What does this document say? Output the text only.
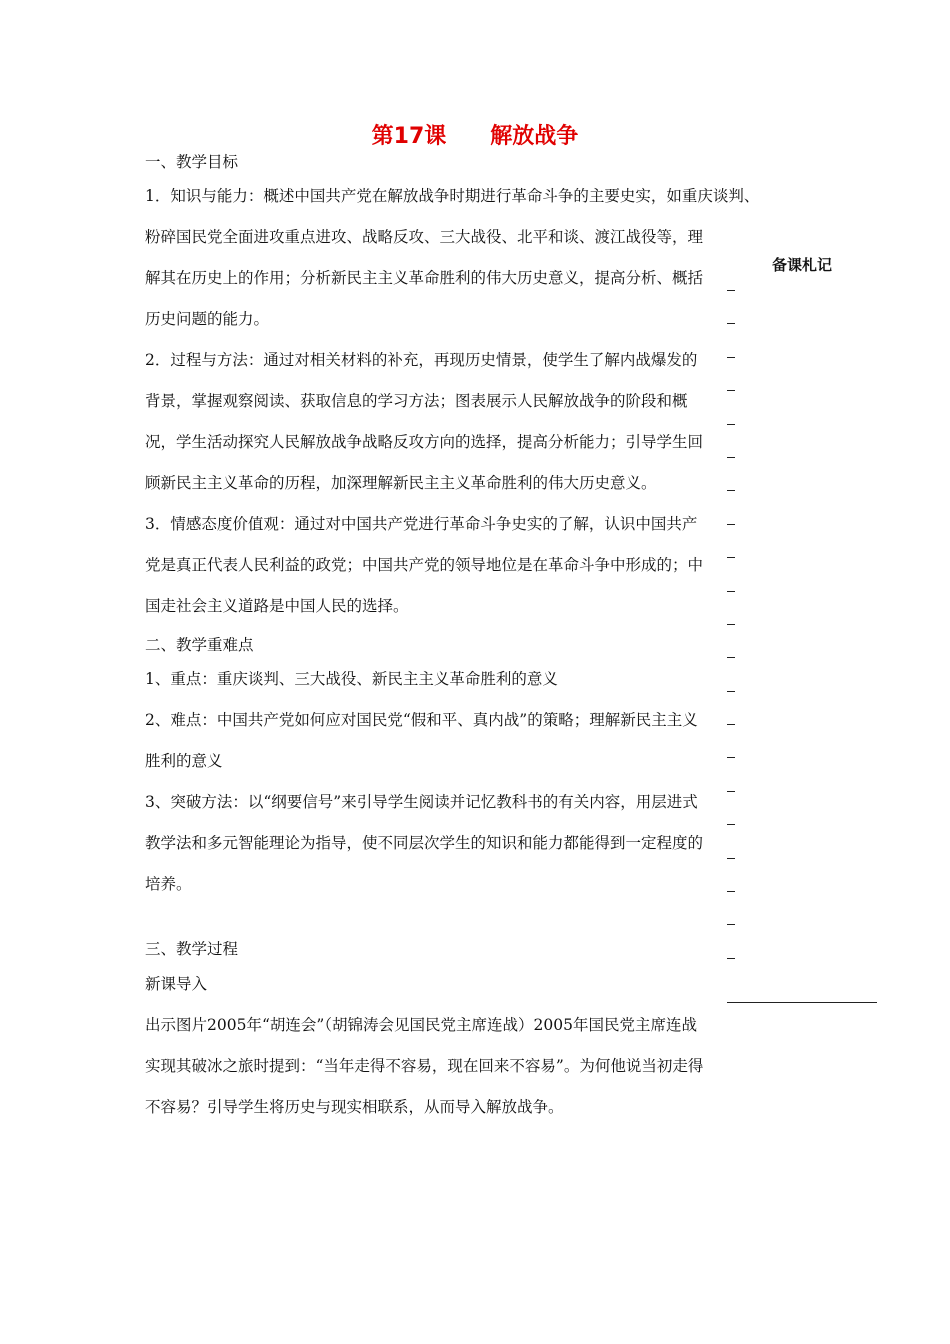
第17课 解放战争

一、教学目标

1．知识与能力：概述中国共产党在解放战争时期进行革命斗争的主要史实，如重庆谈判、

粉碎国民党全面进攻重点进攻、战略反攻、三大战役、北平和谈、渡江战役等，理解其在历史上的作用；分析新民主主义革命胜利的伟大历史意义，提高分析、概括历史问题的能力。

2．过程与方法：通过对相关材料的补充，再现历史情景，使学生了解内战爆发的背景，掌握观察阅读、获取信息的学习方法；图表展示人民解放战争的阶段和概况，学生活动探究人民解放战争战略反攻方向的选择，提高分析能力；引导学生回顾新民主主义革命的历程，加深理解新民主主义革命胜利的伟大历史意义。

3．情感态度价值观：通过对中国共产党进行革命斗争史实的了解，认识中国共产党是真正代表人民利益的政党；中国共产党的领导地位是在革命斗争中形成的；中国走社会主义道路是中国人民的选择。

二、教学重难点

1、重点：重庆谈判、三大战役、新民主主义革命胜利的意义

2、难点：中国共产党如何应对国民党“假和平、真内战”的策略；理解新民主主义胜利的意义

3、突破方法：以“纲要信号”来引导学生阅读并记忆教科书的有关内容，用层进式教学法和多元智能理论为指导，使不同层次学生的知识和能力都能得到一定程度的培养。

三、教学过程

新课导入

出示图片2005年“胡连会”（胡锦涛会见国民党主席连战）2005年国民党主席连战实现其破冰之旅时提到：“当年走得不容易，现在回来不容易”。为何他说当初走得不容易？引导学生将历史与现实相联系，从而导入解放战争。

备课札记
